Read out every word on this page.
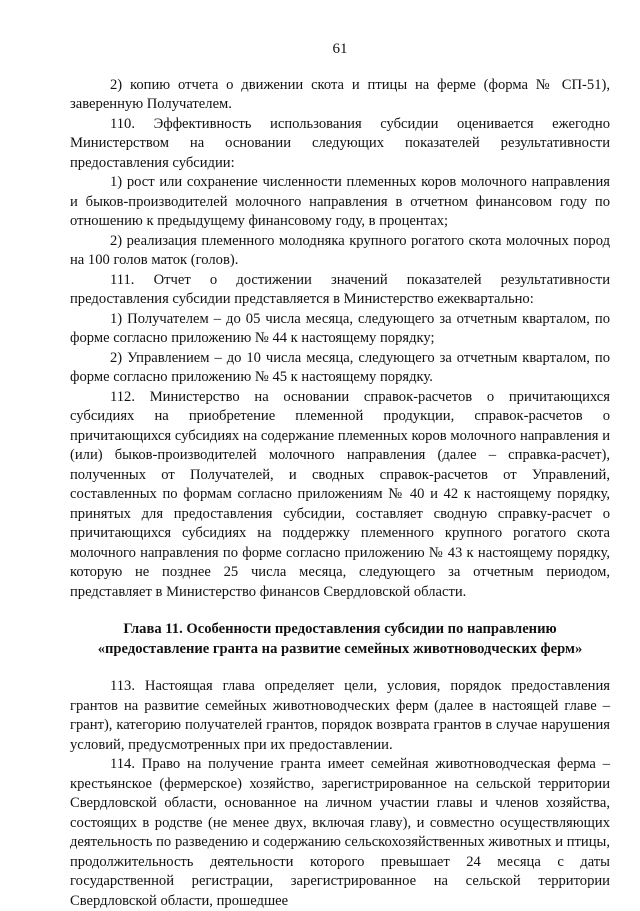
61

2) копию отчета о движении скота и птицы на ферме (форма № СП-51), заверенную Получателем.

110. Эффективность использования субсидии оценивается ежегодно Министерством на основании следующих показателей результативности предоставления субсидии:

1) рост или сохранение численности племенных коров молочного направления и быков-производителей молочного направления в отчетном финансовом году по отношению к предыдущему финансовому году, в процентах;

2) реализация племенного молодняка крупного рогатого скота молочных пород на 100 голов маток (голов).

111. Отчет о достижении значений показателей результативности предоставления субсидии представляется в Министерство ежеквартально:

1) Получателем – до 05 числа месяца, следующего за отчетным кварталом, по форме согласно приложению № 44 к настоящему порядку;

2) Управлением – до 10 числа месяца, следующего за отчетным кварталом, по форме согласно приложению № 45 к настоящему порядку.

112. Министерство на основании справок-расчетов о причитающихся субсидиях на приобретение племенной продукции, справок-расчетов о причитающихся субсидиях на содержание племенных коров молочного направления и (или) быков-производителей молочного направления (далее – справка-расчет), полученных от Получателей, и сводных справок-расчетов от Управлений, составленных по формам согласно приложениям № 40 и 42 к настоящему порядку, принятых для предоставления субсидии, составляет сводную справку-расчет о причитающихся субсидиях на поддержку племенного крупного рогатого скота молочного направления по форме согласно приложению № 43 к настоящему порядку, которую не позднее 25 числа месяца, следующего за отчетным периодом, представляет в Министерство финансов Свердловской области.

Глава 11. Особенности предоставления субсидии по направлению
«предоставление гранта на развитие семейных животноводческих ферм»

113. Настоящая глава определяет цели, условия, порядок предоставления грантов на развитие семейных животноводческих ферм (далее в настоящей главе – грант), категорию получателей грантов, порядок возврата грантов в случае нарушения условий, предусмотренных при их предоставлении.

114. Право на получение гранта имеет семейная животноводческая ферма – крестьянское (фермерское) хозяйство, зарегистрированное на сельской территории Свердловской области, основанное на личном участии главы и членов хозяйства, состоящих в родстве (не менее двух, включая главу), и совместно осуществляющих деятельность по разведению и содержанию сельскохозяйственных животных и птицы, продолжительность деятельности которого превышает 24 месяца с даты государственной регистрации, зарегистрированное на сельской территории Свердловской области, прошедшее
